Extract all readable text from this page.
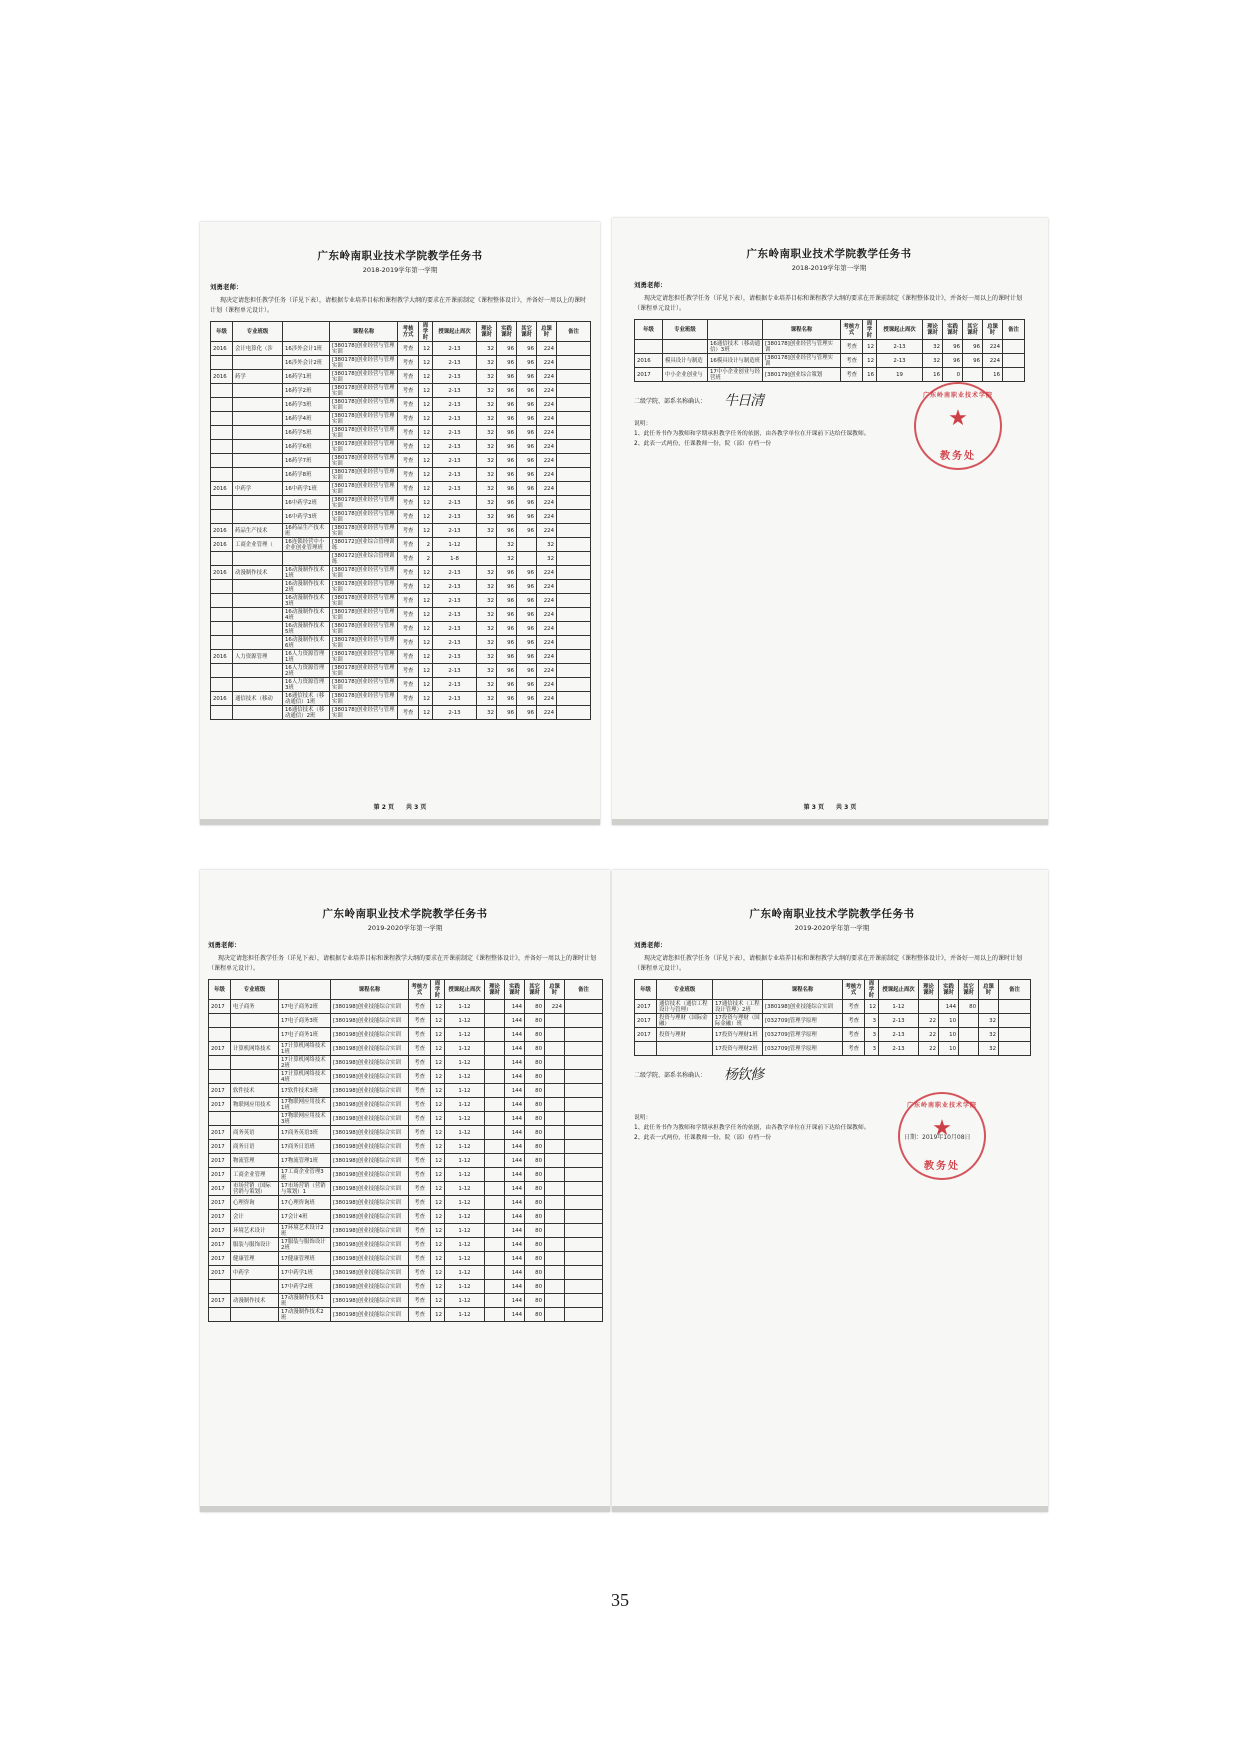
广东岭南职业技术学院教学任务书
2018-2019学年第一学期
刘勇老师：
现决定请您担任教学任务（详见下表），请根据专业培养目标和课程教学大纲的要求在开课前制定《课程整体设计》，并备好一周以上的课时计划（课程单元设计）。
年级	专业班级		课程名称	考核方式	周学时	授课起止周次	理论课时	实践课时	其它课时	总课时	备注
2016	会计电算化（涉	16涉外会计1班	[380178]创业经营与管理实训	考查	12	2-13	32	96	96	224	
		16涉外会计2班	[380178]创业经营与管理实训	考查	12	2-13	32	96	96	224	
2016	药学	16药学1班	[380178]创业经营与管理实训	考查	12	2-13	32	96	96	224	
		16药学2班	[380178]创业经营与管理实训	考查	12	2-13	32	96	96	224	
		16药学3班	[380178]创业经营与管理实训	考查	12	2-13	32	96	96	224	
		16药学4班	[380178]创业经营与管理实训	考查	12	2-13	32	96	96	224	
		16药学5班	[380178]创业经营与管理实训	考查	12	2-13	32	96	96	224	
		16药学6班	[380178]创业经营与管理实训	考查	12	2-13	32	96	96	224	
		16药学7班	[380178]创业经营与管理实训	考查	12	2-13	32	96	96	224	
		16药学8班	[380178]创业经营与管理实训	考查	12	2-13	32	96	96	224	
2016	中药学	16中药学1班	[380178]创业经营与管理实训	考查	12	2-13	32	96	96	224	
		16中药学2班	[380178]创业经营与管理实训	考查	12	2-13	32	96	96	224	
		16中药学3班	[380178]创业经营与管理实训	考查	12	2-13	32	96	96	224	
2016	药品生产技术	16药品生产技术班	[380178]创业经营与管理实训	考查	12	2-13	32	96	96	224	
2016	工商企业管理（	16连锁经营中小企业创业管理班	[380172]创业综合管理训练	考查	2	1-12		32		32	
			[380172]创业综合管理训练	考查	2	1-8		32		32	
2016	动漫制作技术	16动漫制作技术1班	[380178]创业经营与管理实训	考查	12	2-13	32	96	96	224	
		16动漫制作技术2班	[380178]创业经营与管理实训	考查	12	2-13	32	96	96	224	
		16动漫制作技术3班	[380178]创业经营与管理实训	考查	12	2-13	32	96	96	224	
		16动漫制作技术4班	[380178]创业经营与管理实训	考查	12	2-13	32	96	96	224	
		16动漫制作技术5班	[380178]创业经营与管理实训	考查	12	2-13	32	96	96	224	
		16动漫制作技术6班	[380178]创业经营与管理实训	考查	12	2-13	32	96	96	224	
2016	人力资源管理	16人力资源管理1班	[380178]创业经营与管理实训	考查	12	2-13	32	96	96	224	
		16人力资源管理2班	[380178]创业经营与管理实训	考查	12	2-13	32	96	96	224	
		16人力资源管理3班	[380178]创业经营与管理实训	考查	12	2-13	32	96	96	224	
2016	通信技术（移动	16通信技术（移动通信）1班	[380178]创业经营与管理实训	考查	12	2-13	32	96	96	224	
		16通信技术（移动通信）2班	[380178]创业经营与管理实训	考查	12	2-13	32	96	96	224	
第 2 页　　共 3 页
广东岭南职业技术学院教学任务书
2018-2019学年第一学期
刘勇老师：
现决定请您担任教学任务（详见下表），请根据专业培养目标和课程教学大纲的要求在开课前制定《课程整体设计》，并备好一周以上的课时计划（课程单元设计）。
年级	专业班级		课程名称	考核方式	周学时	授课起止周次	理论课时	实践课时	其它课时	总课时	备注
		16通信技术（移动通信）3班	[380178]创业经营与管理实训	考查	12	2-13	32	96	96	224	
2016	模具设计与制造	16模具设计与制造班	[380178]创业经营与管理实训	考查	12	2-13	32	96	96	224	
2017	中小企业创业与	17中小企业创业与经营班	[380179]创业综合策划	考查	16	19	16	0		16	
二级学院、部系名称确认： 牛日清
说明：
1、此任务书作为教师和学期承担教学任务的依据，由各教学单位在开课前下达给任课教师。
2、此表一式两份，任课教师一份，院（部）存档一份
广东岭南职业技术学院
★
教务处
第 3 页　　共 3 页
广东岭南职业技术学院教学任务书
2019-2020学年第一学期
刘勇老师：
现决定请您担任教学任务（详见下表），请根据专业培养目标和课程教学大纲的要求在开课前制定《课程整体设计》，并备好一周以上的课时计划（课程单元设计）。
年级	专业班级		课程名称	考核方式	周学时	授课起止周次	理论课时	实践课时	其它课时	总课时	备注
2017	电子商务	17电子商务2班	[380198]创业技能综合实训	考查	12	1-12		144	80	224	
		17电子商务3班	[380198]创业技能综合实训	考查	12	1-12		144	80		
		17电子商务1班	[380198]创业技能综合实训	考查	12	1-12		144	80		
2017	计算机网络技术	17计算机网络技术1班	[380198]创业技能综合实训	考查	12	1-12		144	80		
		17计算机网络技术2班	[380198]创业技能综合实训	考查	12	1-12		144	80		
		17计算机网络技术4班	[380198]创业技能综合实训	考查	12	1-12		144	80		
2017	软件技术	17软件技术3班	[380198]创业技能综合实训	考查	12	1-12		144	80		
2017	物联网应用技术	17物联网应用技术1班	[380198]创业技能综合实训	考查	12	1-12		144	80		
		17物联网应用技术3班	[380198]创业技能综合实训	考查	12	1-12		144	80		
2017	商务英语	17商务英语3班	[380198]创业技能综合实训	考查	12	1-12		144	80		
2017	商务日语	17商务日语班	[380198]创业技能综合实训	考查	12	1-12		144	80		
2017	物流管理	17物流管理1班	[380198]创业技能综合实训	考查	12	1-12		144	80		
2017	工商企业管理	17工商企业管理3班	[380198]创业技能综合实训	考查	12	1-12		144	80		
2017	市场营销（国际营销与策划）	17市场营销（营销与策划）1	[380198]创业技能综合实训	考查	12	1-12		144	80		
2017	心理咨询	17心理咨询班	[380198]创业技能综合实训	考查	12	1-12		144	80		
2017	会计	17会计4班	[380198]创业技能综合实训	考查	12	1-12		144	80		
2017	环境艺术设计	17环境艺术设计2班	[380198]创业技能综合实训	考查	12	1-12		144	80		
2017	服装与服饰设计	17服装与服饰设计2班	[380198]创业技能综合实训	考查	12	1-12		144	80		
2017	健康管理	17健康管理班	[380198]创业技能综合实训	考查	12	1-12		144	80		
2017	中药学	17中药学1班	[380198]创业技能综合实训	考查	12	1-12		144	80		
		17中药学2班	[380198]创业技能综合实训	考查	12	1-12		144	80		
2017	动漫制作技术	17动漫制作技术1班	[380198]创业技能综合实训	考查	12	1-12		144	80		
		17动漫制作技术2班	[380198]创业技能综合实训	考查	12	1-12		144	80		
广东岭南职业技术学院教学任务书
2019-2020学年第一学期
刘勇老师：
现决定请您担任教学任务（详见下表），请根据专业培养目标和课程教学大纲的要求在开课前制定《课程整体设计》，并备好一周以上的课时计划（课程单元设计）。
年级	专业班级		课程名称	考核方式	周学时	授课起止周次	理论课时	实践课时	其它课时	总课时	备注
2017	通信技术（通信工程设计与管理）	17通信技术（工程设计管理）2班	[380198]创业技能综合实训	考查	12	1-12		144	80		
2017	投资与理财（国际金融）	17投资与理财（国际金融）班	[032709]管理学原理	考查	3	2-13	22	10		32	
2017	投资与理财	17投资与理财1班	[032709]管理学原理	考查	3	2-13	22	10		32	
		17投资与理财2班	[032709]管理学原理	考查	3	2-13	22	10		32	
二级学院、部系名称确认： 杨钦修
说明：
1、此任务书作为教师和学期承担教学任务的依据，由各教学单位在开课前下达给任课教师。
2、此表一式两份，任课教师一份，院（部）存档一份
广东岭南职业技术学院
★
教务处
日期：2019年10月08日
35
